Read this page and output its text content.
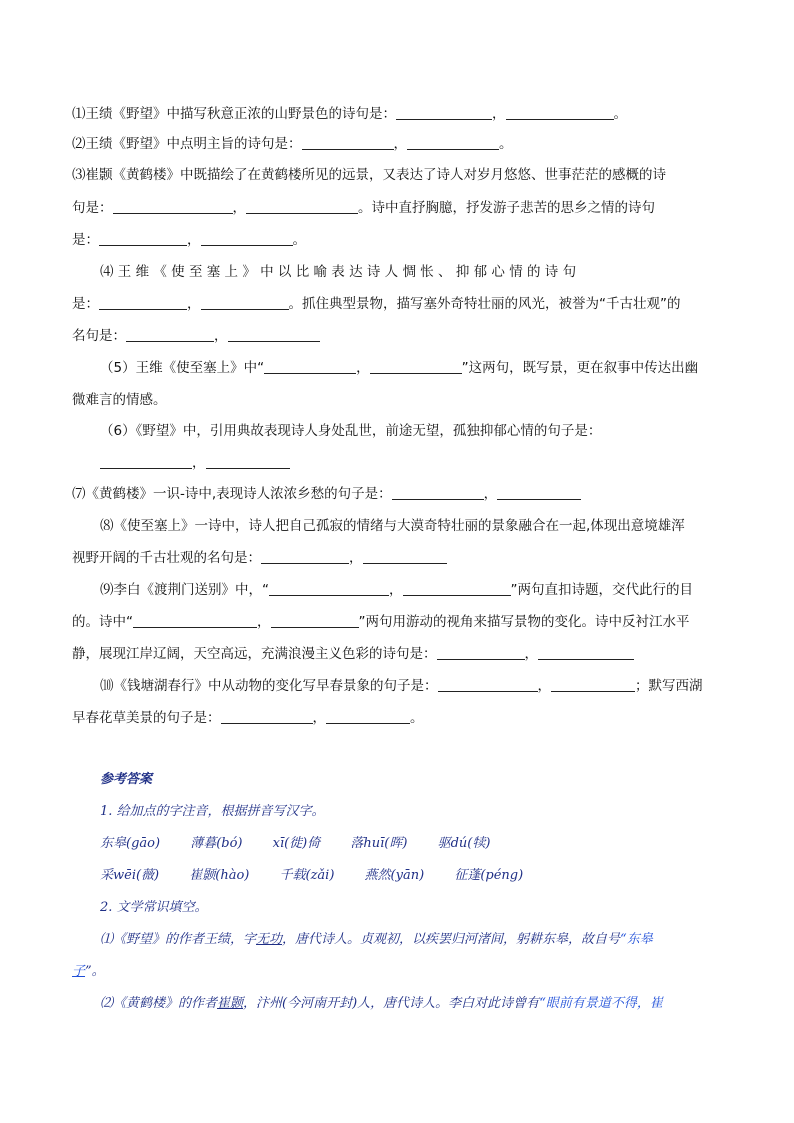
⑴王绩《野望》中描写秋意正浓的山野景色的诗句是：	，	。
⑵王绩《野望》中点明主旨的诗句是：	，	。
⑶崔颢《黄鹤楼》中既描绘了在黄鹤楼所见的远景，又表达了诗人对岁月悠悠、世事茫茫的感概的诗
句是：	，	。诗中直抒胸臆，抒发游子悲苦的思乡之情的诗句
是：	，	。
⑷ 王 维 《 使 至 塞 上 》 中 以 比 喻 表 达 诗 人 惆 怅 、 抑 郁 心 情 的 诗 句
是：	，	。抓住典型景物，描写塞外奇特壮丽的风光，被誉为“千古壮观”的
名句是：	，
（5）王维《使至塞上》中“	，	”这两句，既写景，更在叙事中传达出幽
微难言的情感。
（6）《野望》中，引用典故表现诗人身处乱世，前途无望，孤独抑郁心情的句子是：
，
⑺《黄鹤楼》一识-诗中,表现诗人浓浓乡愁的句子是：	，
⑻《使至塞上》一诗中，诗人把自己孤寂的情绪与大漠奇特壮丽的景象融合在一起,体现出意境雄浑
视野开阔的千古壮观的名句是：	，
⑼李白《渡荆门送别》中，“	，	”两句直扣诗题，交代此行的目
的。诗中“	，	”两句用游动的视角来描写景物的变化。诗中反衬江水平
静，展现江岸辽阔，天空高远，充满浪漫主义色彩的诗句是：	，
⑽《钱塘湖春行》中从动物的变化写早春景象的句子是：	，	；默写西湖
早春花草美景的句子是：	，	。
参考答案
1. 给加点的字注音，根据拼音写汉字。
东皋(gāo) 薄暮(bó) xī(徙)倚 落huī(晖) 驱dú(犊)
采wēi(薇) 崔颢(hào) 千载(zǎi) 燕然(yān) 征蓬(péng)
2. 文学常识填空。
⑴《野望》的作者王绩，字无功，唐代诗人。贞观初，以疾罢归河渚间，躬耕东皋，故自号“东皋
子”。
⑵《黄鹤楼》的作者崔颢，汴州(今河南开封)人，唐代诗人。李白对此诗曾有“眼前有景道不得，崔
